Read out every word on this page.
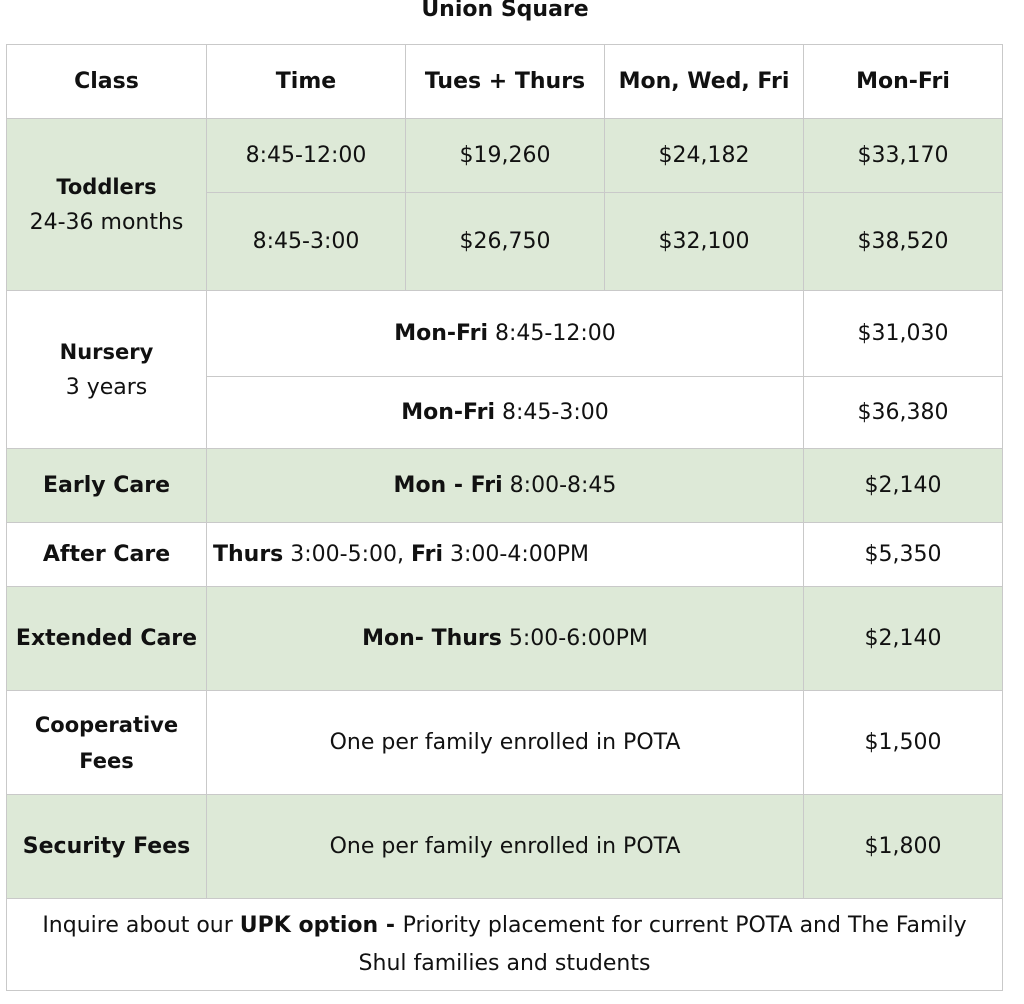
Union Square
Class	Time	Tues + Thurs	Mon, Wed, Fri	Mon-Fri

Toddlers
24-36 months	8:45-12:00	$19,260	$24,182	$33,170
	8:45-3:00	$26,750	$32,100	$38,520

Nursery
3 years	Mon-Fri 8:45-12:00			$31,030
	Mon-Fri 8:45-3:00			$36,380
Early Care	Mon - Fri 8:00-8:45			$2,140
After Care	Thurs 3:00-5:00, Fri 3:00-4:00PM			$5,350
Extended Care	Mon- Thurs 5:00-6:00PM			$2,140

Cooperative
Fees	One per family enrolled in POTA			$1,500
Security Fees	One per family enrolled in POTA			$1,800
Inquire about our UPK option - Priority placement for current POTA and The Family Shul families and students				
